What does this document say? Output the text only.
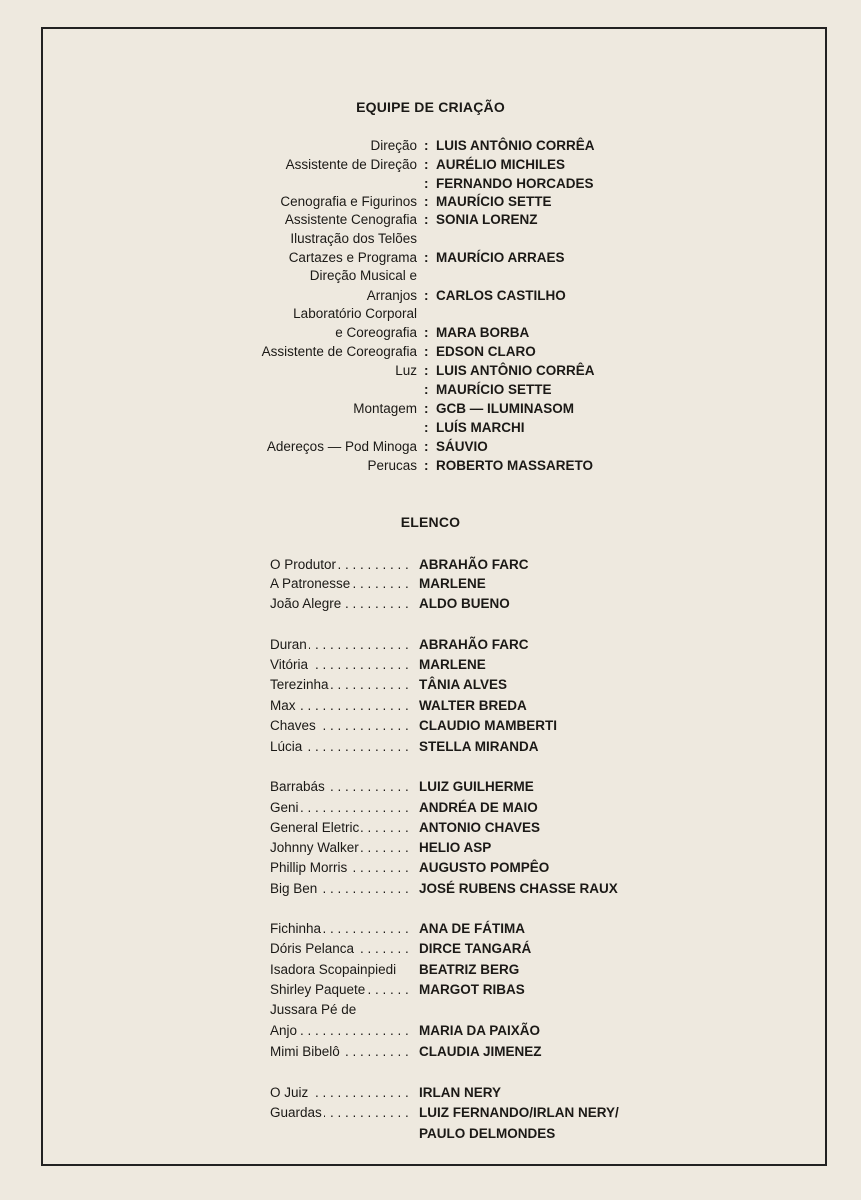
EQUIPE DE CRIAÇÃO
Direção : LUIS ANTÔNIO CORRÊA
Assistente de Direção : AURÉLIO MICHILES
: FERNANDO HORCADES
Cenografia e Figurinos : MAURÍCIO SETTE
Assistente Cenografia : SONIA LORENZ
Ilustração dos Telões
Cartazes e Programa : MAURÍCIO ARRAES
Direção Musical e
Arranjos : CARLOS CASTILHO
Laboratório Corporal
e Coreografia : MARA BORBA
Assistente de Coreografia : EDSON CLARO
Luz : LUIS ANTÔNIO CORRÊA
: MAURÍCIO SETTE
Montagem : GCB — ILUMINASOM
: LUÍS MARCHI
Adereços — Pod Minoga : SÁUVIO
Perucas : ROBERTO MASSARETO
ELENCO
O Produtor . . .	ABRAHÃO FARC
A Patronesse . . .	MARLENE
João Alegre . . .	ALDO BUENO
Duran . . .	ABRAHÃO FARC
Vitória . . .	MARLENE
Terezinha . . .	TÂNIA ALVES
Max . . .	WALTER BREDA
Chaves . . .	CLAUDIO MAMBERTI
Lúcia . . .	STELLA MIRANDA
Barrabás . . .	LUIZ GUILHERME
Geni . . .	ANDRÉA DE MAIO
General Eletric . . .	ANTONIO CHAVES
Johnny Walker . . .	HELIO ASP
Phillip Morris . . .	AUGUSTO POMPÊO
Big Ben . . .	JOSÉ RUBENS CHASSE RAUX
Fichinha . . .	ANA DE FÁTIMA
Dóris Pelanca . . .	DIRCE TANGARÁ
Isadora Scopainpiedi	BEATRIZ BERG
Shirley Paquete . . .	MARGOT RIBAS
Jussara Pé de
Anjo . . .	MARIA DA PAIXÃO
Mimi Bibelô . . .	CLAUDIA JIMENEZ
O Juiz . . .	IRLAN NERY
Guardas . . .	LUIZ FERNANDO/IRLAN NERY/
PAULO DELMONDES
